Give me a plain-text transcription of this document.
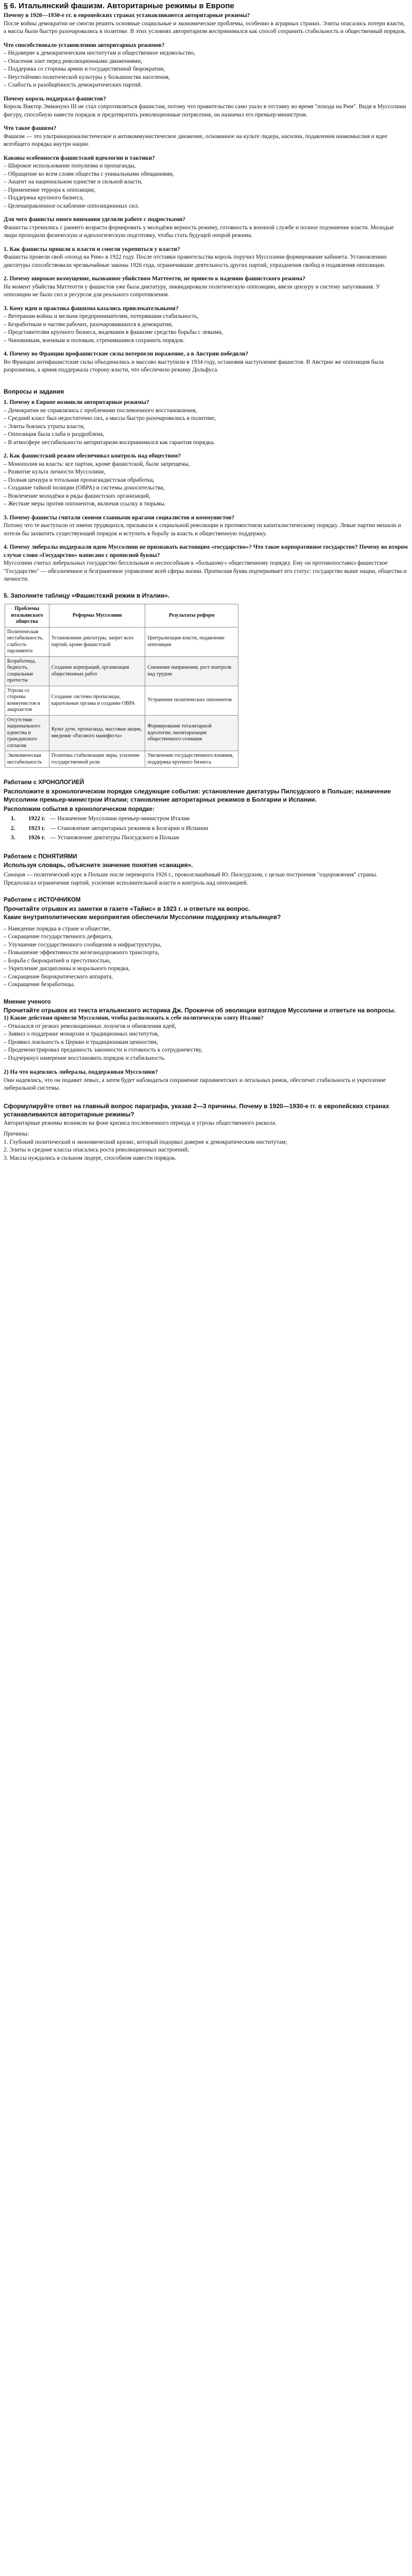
§ 6. Итальянский фашизм. Авторитарные режимы в Европе

Почему в 1920—1930-е гг. в европейских странах устанавливаются авторитарные режимы?

После войны демократии не смогли решить основные социальные и экономические проблемы, особенно в аграрных странах. Элиты опасались потери власти, а массы были быстро разочаровались в политике. В этих условиях авторитаризм воспринимался как способ сохранить стабильность и общественный порядок.

Что способствовало установлению авторитарных режимов?

– Недоверие к демократическим институтам и общественное недовольство,

– Опасения элит перед революционными движениями,

– Поддержка со стороны армии и государственной бюрократии,

– Неустойчиво политической культуры у большинства населения,

– Слабость и разобщённость демократических партий.

Почему король поддержал фашистов?

Король Виктор Эммануил III не стал сопротивляться фашистам, потому что правительство само ушло в отставку во время "похода на Рим". Видя в Муссолини фигуру, способную навести порядок и предотвратить революционные потрясения, он назначил его премьер-министром.

Что такое фашизм?

Фашизм — это ультранационалистическое и антикоммунистическое движение, основанное на культе лидера, насилии, подавлении инакомыслия и идее всеобщего порядка внутри нации.

Каковы особенности фашистской идеологии и тактики?

– Широкое использование популизма и пропаганды,

– Обращение ко всем слоям общества с уникальными обещаниями,

– Акцент на национальном единстве и сильной власти,

– Применение террора к оппозиции,

– Поддержка крупного бизнеса,

– Целенаправленное ослабление оппозиционных сил.

Для чего фашисты много внимания уделяли работе с подростками?

Фашисты стремились с раннего возраста формировать у молодёжи верность режиму, готовность к военной службе и полное подчинение власти. Молодые люди проходили физическую и идеологическую подготовку, чтобы стать будущей опорой режима.

1. Как фашисты пришли к власти и смогли укрепиться у власти?

Фашисты провели свой «поход на Рим» в 1922 году. После отставки правительства король поручил Муссолини формирование кабинета. Установлению диктатуры способствовали чрезвычайные законы 1926 года, ограничившие деятельность других партий, упразднения свобод и подавления оппозиции.

2. Почему широкое возмущение, вызванное убийством Маттеотти, не привело к падению фашистского режима?

На момент убийства Маттеотти у фашистов уже была диктатуру, ликвидировали политическую оппозицию, ввели цензуру и систему запугивания. У оппозиции не было сил и ресурсов для реального сопротивления.

3. Кому идеи и практика фашизма казались привлекательными?

– Ветеранам войны и мелким предпринимателям, потерявшим стабильность,

– Безработным и частям рабочих, разочаровавшихся в демократии,

– Представителям крупного бизнеса, видевшим в фашизме средство борьбы с левыми,

– Чиновникам, военным и половым, стремившимся сохранить порядок.

4. Почему во Франции профашистские силы потерпели поражение, а в Австрии победили?

Во Франции антифашистские силы объединились и массово выступили в 1934 году, остановив наступление фашистов. В Австрии же оппозиция была разрозненна, а армия поддержала сторону власти, что обеспечило режиму Дольфуса.

Вопросы и задания

1. Почему в Европе возникли авторитарные режимы?

– Демократии не справлялись с проблемами послевоенного восстановления,

– Средний класс был недостаточно сил, а массы быстро разочаровались в политике,

– Элиты боялись утраты власти,

– Оппозиция была слаба и раздроблена,

– В атмосфере нестабильности авторитаризм воспринимался как гарантия порядка.

2. Как фашистский режим обеспечивал контроль над обществом?

– Монополия на власть: все партии, кроме фашистской, были запрещены,

– Развитие культа личности Муссолини,

– Полная цензура и тотальная пропагандистская обработка,

– Создание тайной полиции (ОВРА) и системы доносительства,

– Вовлечение молодёжи в ряды фашистских организаций,

– Жесткие меры против оппонентов, включая ссылку в тюрьмы.

3. Почему фашисты считали своими главными врагами социалистов и коммунистов?

Потому что те выступали от имени трудящихся, призывали к социальной революции и противостояли капиталистическому порядку. Левые партии мешали и хотели бы захватить существующий порядок и вступить в борьбу за власть и общественную поддержку.

4. Почему либералы поддержали идею Муссолини не признавать настоящим «государство»? Что такое корпоративное государство? Почему во втором случае слово «Государство» написано с прописной буквы?

Муссолини считал либеральных государство бессильным и неспособным к «большому» общественному порядку. Ему он противопоставил фашистское "Государство" — обезличенное и безграничное управление всей сферы жизни. Прописная буква подчеркивает его статус: государство выше нации, общества и личности.

5. Заполните таблицу «Фашистский режим в Италии».
Проблемы итальянского общества	Реформы Муссолини	Результаты реформ
Политическая нестабильность, слабость парламента	Установление диктатуры, запрет всех партий, кроме фашистской	Централизация власти, подавление оппозиции
Безработица, бедность, социальные протесты	Создание корпораций, организация общественных работ	Снижение напряжения, рост контроля над трудом
Угрозы со стороны коммунистов и анархистов	Создание системы пропаганды, карательные органы и создание ОВРА	Устранение политических оппонентов
Отсутствие национального единства и гражданского согласия	Культ дуче, пропаганда, массовые акции, введение «Расового манифеста»	Формирование тоталитарной идеологии, милитаризация общественного сознания
Экономическая нестабильность	Политика стабилизации лиры, усиление государственной роли	Увеличение государственного влияния, поддержка крупного бизнеса
Работаем с ХРОНОЛОГИЕЙ

Расположите в хронологическом порядке следующие события: установление диктатуры Пилсудского в Польше; назначение Муссолини премьер-министром Италии; становление авторитарных режимов в Болгарии и Испании.

Расположим события в хронологическом порядке:

1.	1922 г. — Назначение Муссолини премьер-министром Италии
2.	1923 г. — Становление авторитарных режимов в Болгарии и Испании
3.	1926 г. — Установление диктатуры Пилсудского в Польше
Работаем с ПОНЯТИЯМИ

Используя словарь, объясните значение понятия «санация».

Санация — политический курс в Польше после переворота 1926 г., провозглашённый Ю. Пилсудским, с целью построения "оздоровления" страны. Предполагал ограничение партий, усиление исполнительной власти и контроль над оппозицией.

Работаем с ИСТОЧНИКОМ

Прочитайте отрывок из заметки в газете «Таймс» в 1923 г. и ответьте на вопрос.

Какие внутриполитические мероприятия обеспечили Муссолини поддержку итальянцев?

– Наведение порядка в стране и обществе,

– Сокращение государственного дефицита,

– Улучшение государственного сообщения и инфраструктуры,

– Повышение эффективности железнодорожного транспорта,

– Борьба с бюрократией и преступностью,

– Укрепление дисциплины и морального порядка,

– Сокращение бюрократического аппарата,

– Сокращение безработицы.

Мнение ученого

Прочитайте отрывок из текста итальянского историка Дж. Прокаччи об эволюции взглядов Муссолини и ответьте на вопросы.

1) Какие действия привели Муссолини, чтобы расположить к себе политическую элиту Италии?

– Отказался от резких революционных лозунгов и обновления идей,

– Заявил о поддержке монархии и традиционных институтов,

– Проявил лояльность к Церкви и традиционным ценностям,

– Продемонстрировал преданность законности и готовность к сотрудничеству,

– Подчеркнул намерение восстановить порядок и стабильность.

2) На что надеялись либералы, поддерживая Муссолини?

Они надеялись, что он подавит левых, а затем будет наблюдаться сохранение парламентских и легальных рамок, обеспечат стабильность и укрепление либеральной системы.

Сформулируйте ответ на главный вопрос параграфа, указав 2—3 причины. Почему в 1920—1930-е гг. в европейских странах устанавливаются авторитарные режимы?

Авторитарные режимы возникли на фоне кризиса послевоенного периода и угрозы общественного раскола.

Причины:

1. Глубокий политический и экономический кризис, который подорвал доверие к демократическим институтам;

2. Элиты и средние классы опасались роста революционных настроений;

3. Массы нуждались в сильном лидере, способном навести порядок.
